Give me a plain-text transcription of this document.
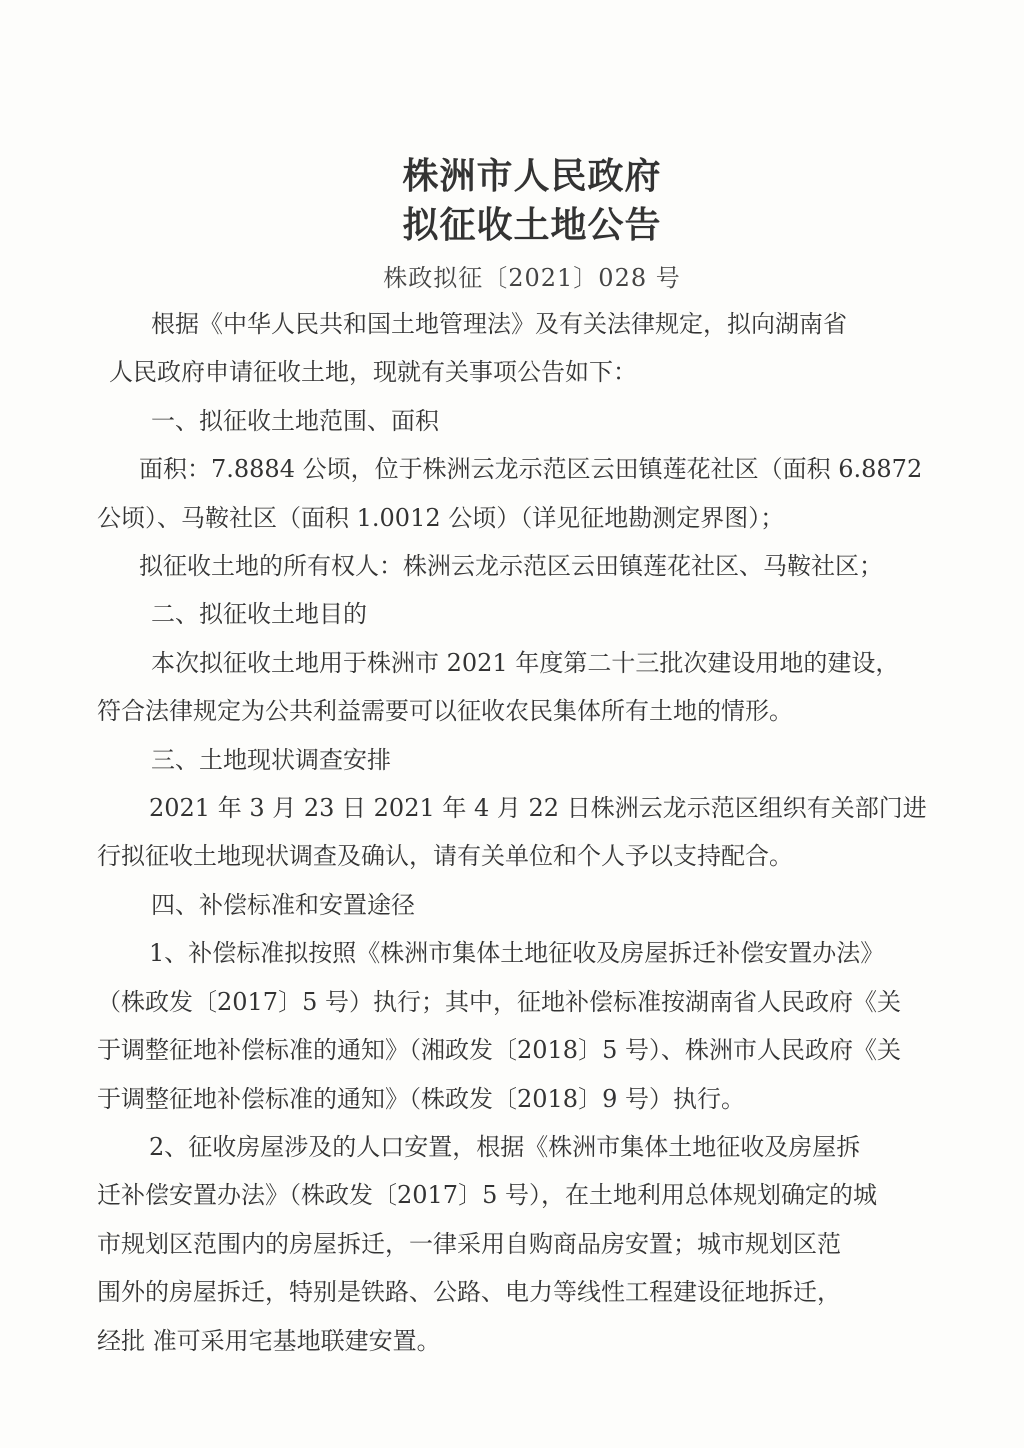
株洲市人民政府
拟征收土地公告
株政拟征〔2021〕028 号

根据《中华人民共和国土地管理法》及有关法律规定，拟向湖南省

人民政府申请征收土地，现就有关事项公告如下：

一、拟征收土地范围、面积

面积：7.8884 公顷，位于株洲云龙示范区云田镇莲花社区（面积 6.8872

公顷）、马鞍社区（面积 1.0012 公顷）（详见征地勘测定界图）；

拟征收土地的所有权人：株洲云龙示范区云田镇莲花社区、马鞍社区；

二、拟征收土地目的

本次拟征收土地用于株洲市 2021 年度第二十三批次建设用地的建设，

符合法律规定为公共利益需要可以征收农民集体所有土地的情形。

三、土地现状调查安排

2021 年 3 月 23 日 2021 年 4 月 22 日株洲云龙示范区组织有关部门进

行拟征收土地现状调查及确认，请有关单位和个人予以支持配合。

四、补偿标准和安置途径

1、补偿标准拟按照《株洲市集体土地征收及房屋拆迁补偿安置办法》

（株政发〔2017〕5 号）执行；其中，征地补偿标准按湖南省人民政府《关

于调整征地补偿标准的通知》（湘政发〔2018〕5 号）、株洲市人民政府《关

于调整征地补偿标准的通知》（株政发〔2018〕9 号）执行。

2、征收房屋涉及的人口安置，根据《株洲市集体土地征收及房屋拆

迁补偿安置办法》（株政发〔2017〕5 号），在土地利用总体规划确定的城

市规划区范围内的房屋拆迁，一律采用自购商品房安置；城市规划区范

围外的房屋拆迁，特别是铁路、公路、电力等线性工程建设征地拆迁，

经批 准可采用宅基地联建安置。
